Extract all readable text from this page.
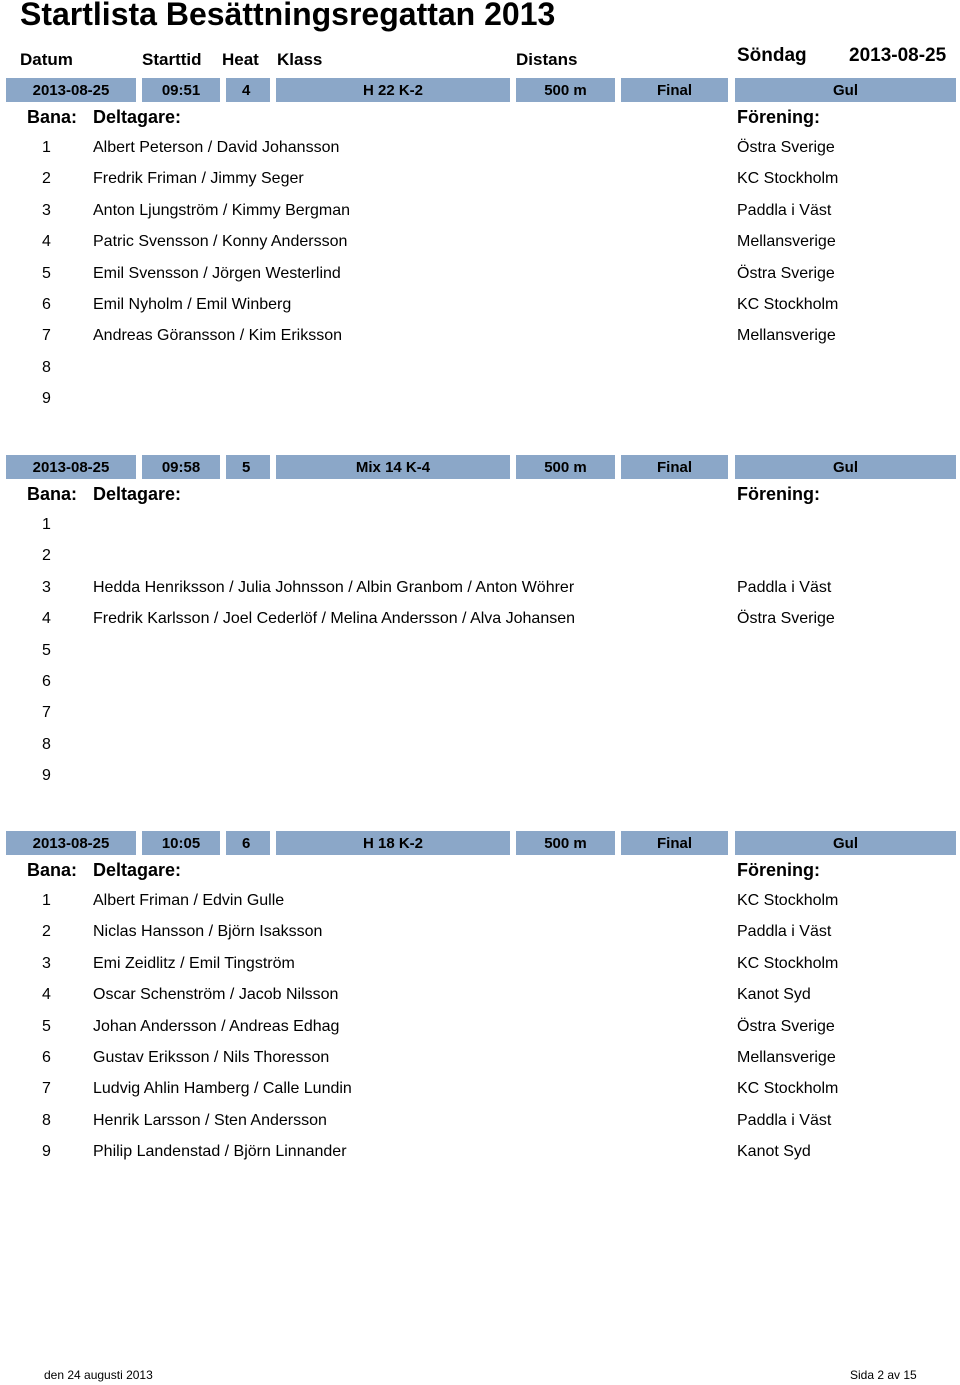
Startlista Besättningsregattan 2013
Datum	Starttid Heat Klass	Distans	Söndag 2013-08-25
2013-08-25	09:51	4	H 22 K-2	500 m	Final	Gul
Bana: Deltagare:	Förening:
1	Albert Peterson / David Johansson	Östra Sverige
2	Fredrik Friman / Jimmy Seger	KC Stockholm
3	Anton Ljungström / Kimmy Bergman	Paddla i Väst
4	Patric Svensson / Konny Andersson	Mellansverige
5	Emil Svensson / Jörgen Westerlind	Östra Sverige
6	Emil Nyholm / Emil Winberg	KC Stockholm
7	Andreas Göransson / Kim Eriksson	Mellansverige
8
9
2013-08-25	09:58	5	Mix 14 K-4	500 m	Final	Gul
Bana: Deltagare:	Förening:
1
2
3	Hedda Henriksson / Julia Johnsson / Albin Granbom / Anton Wöhrer	Paddla i Väst
4	Fredrik Karlsson / Joel Cederlöf / Melina Andersson / Alva Johansen	Östra Sverige
5
6
7
8
9
2013-08-25	10:05	6	H 18 K-2	500 m	Final	Gul
Bana: Deltagare:	Förening:
1	Albert Friman / Edvin Gulle	KC Stockholm
2	Niclas Hansson / Björn Isaksson	Paddla i Väst
3	Emi Zeidlitz / Emil Tingström	KC Stockholm
4	Oscar Schenström / Jacob Nilsson	Kanot Syd
5	Johan Andersson / Andreas Edhag	Östra Sverige
6	Gustav Eriksson / Nils Thoresson	Mellansverige
7	Ludvig Ahlin Hamberg / Calle Lundin	KC Stockholm
8	Henrik Larsson / Sten Andersson	Paddla i Väst
9	Philip Landenstad / Björn Linnander	Kanot Syd
den 24 augusti 2013	Sida 2 av 15
